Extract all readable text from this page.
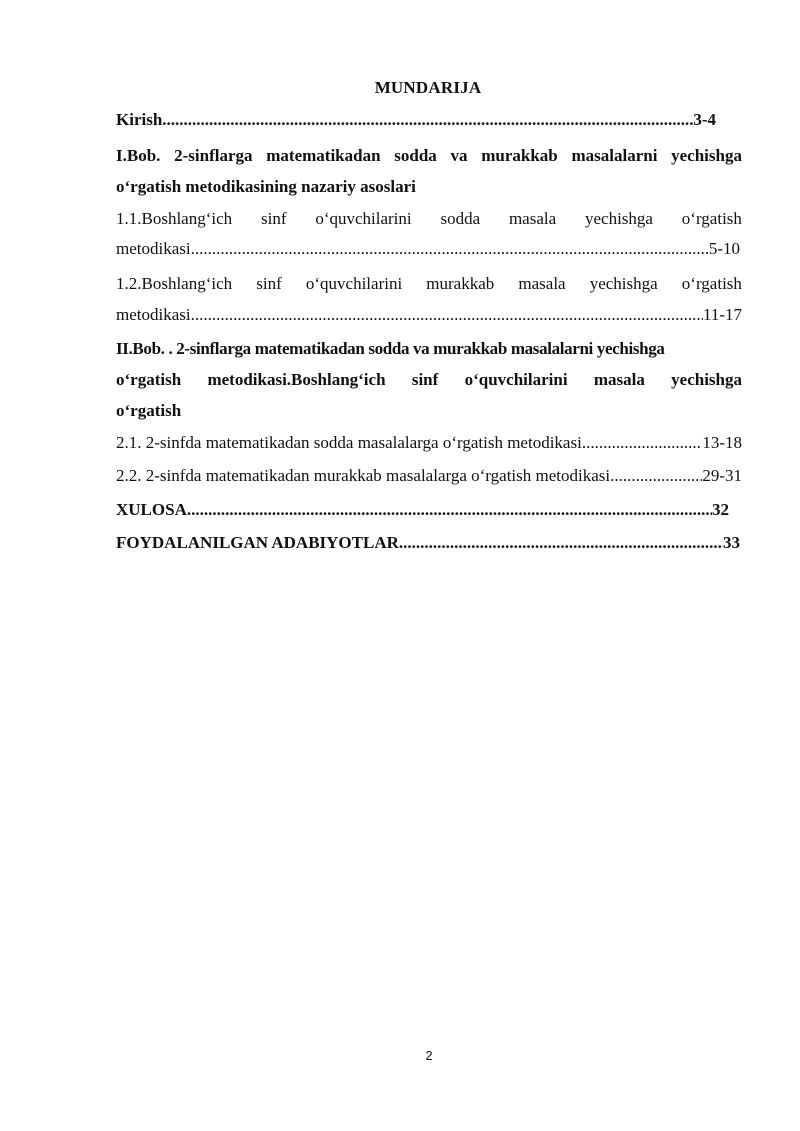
MUNDARIJA
Kirish .....	3-4
I.Bob. 2-sinflarga matematikadan sodda va murakkab masalalarni yechishga
o‘rgatish metodikasining nazariy asoslari
1.1.Boshlang‘ich sinf o‘quvchilarini sodda masala yechishga o‘rgatish
metodikasi .....	5-10
1.2.Boshlang‘ich sinf o‘quvchilarini murakkab masala yechishga o‘rgatish
metodikasi .....	11-17
II.Bob. . 2-sinflarga matematikadan sodda va murakkab masalalarni yechishga
o‘rgatish metodikasi.Boshlang‘ich sinf o‘quvchilarini masala yechishga
o‘rgatish
2.1. 2-sinfda matematikadan sodda masalalarga o‘rgatish metodikasi .....	13-18
2.2. 2-sinfda matematikadan murakkab masalalarga o‘rgatish metodikasi .....	29-31
XULOSA .....	32
FOYDALANILGAN ADABIYOTLAR .....	33
2
